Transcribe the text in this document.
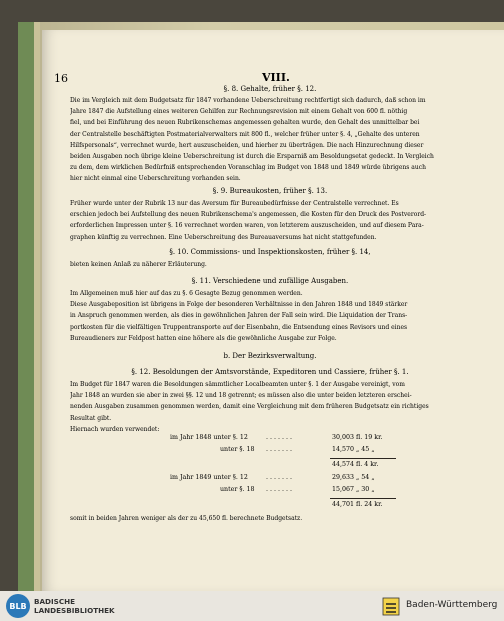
16	VIII.
§. 8. Gehalte, früher §. 12.
Die im Vergleich mit dem Budgetsatz für 1847 vorhandene Ueberschreitung rechtfertigt sich dadurch, daß schon im
Jahre 1847 die Aufstellung eines weiteren Gehilfen zur Rechnungsrevision mit einem Gehalt von 600 fl. nöthig
fiel, und bei Einführung des neuen Rubrikenschemas angemessen gehalten wurde, den Gehalt des unmittelbar bei
der Centralstelle beschäftigten Postmaterialverwalters mit 800 fl., welcher früher unter §. 4, „Gehalte des unteren
Hilfspersonals“, verrechnet wurde, hert auszuscheiden, und hierher zu überträgen. Die nach Hinzurechnung dieser
beiden Ausgaben noch übrige kleine Ueberschreitung ist durch die Ersparniß am Besoldungsetat gedeckt. In Vergleich
zu dem, dem wirklichen Bedürfniß entsprechenden Voranschlag im Budget von 1848 und 1849 würde übrigens auch
hier nicht einmal eine Ueberschreitung vorhanden sein.
§. 9. Bureaukosten, früher §. 13.
Früher wurde unter der Rubrik 13 nur das Aversum für Bureaubedürfnisse der Centralstelle verrechnet. Es
erschien jedoch bei Aufstellung des neuen Rubrikenschema's angemessen, die Kosten für den Druck des Postverord-
erforderlichen Impressen unter §. 16 verrechnet worden waren, von letzterem auszuscheiden, und auf diesem Para-
graphen künftig zu verrechnen. Eine Ueberschreitung des Bureauaversums hat nicht stattgefunden.
§. 10. Commissions- und Inspektionskosten, früher §. 14,
bieten keinen Anlaß zu näherer Erläuterung.
§. 11. Verschiedene und zufällige Ausgaben.
Im Allgemeinen muß hier auf das zu §. 6 Gesagte Bezug genommen werden.
Diese Ausgabeposition ist übrigens in Folge der besonderen Verhältnisse in den Jahren 1848 und 1849 stärker
in Anspruch genommen werden, als dies in gewöhnlichen Jahren der Fall sein wird. Die Liquidation der Trans-
portkosten für die vielfältigen Truppentransporte auf der Eisenbahn, die Entsendung eines Revisors und eines
Bureaudieners zur Feldpost hatten eine höhere als die gewöhnliche Ausgabe zur Folge.
b. Der Bezirksverwaltung.
§. 12. Besoldungen der Amtsvorstände, Expeditoren und Cassiere, früher §. 1.
Im Budget für 1847 waren die Besoldungen sämmtlicher Localbeamten unter §. 1 der Ausgabe vereinigt, vom
Jahr 1848 an wurden sie aber in zwei §§. 12 und 18 getrennt; es müssen also die unter beiden letzteren erschei-
nenden Ausgaben zusammen genommen werden, damit eine Vergleichung mit dem früheren Budgetsatz ein richtiges
Resultat gibt.
Hiernach wurden verwendet:
im Jahr 1848 unter §. 12	. . . . . . .	30,003 fl. 19 kr.
unter §. 18 . . . . . . .	14,570 „ 45 „
44,574 fl. 4 kr.
im Jahr 1849 unter §. 12	. . . . . . .	29,633 „ 54 „
unter §. 18 . . . . . . .	15,067 „ 30 „
44,701 fl. 24 kr.
somit in beiden Jahren weniger als der zu 45,650 fl. berechnete Budgetsatz.
BLB	BADISCHE
LANDESBIBLIOTHEK
Baden-Württemberg
